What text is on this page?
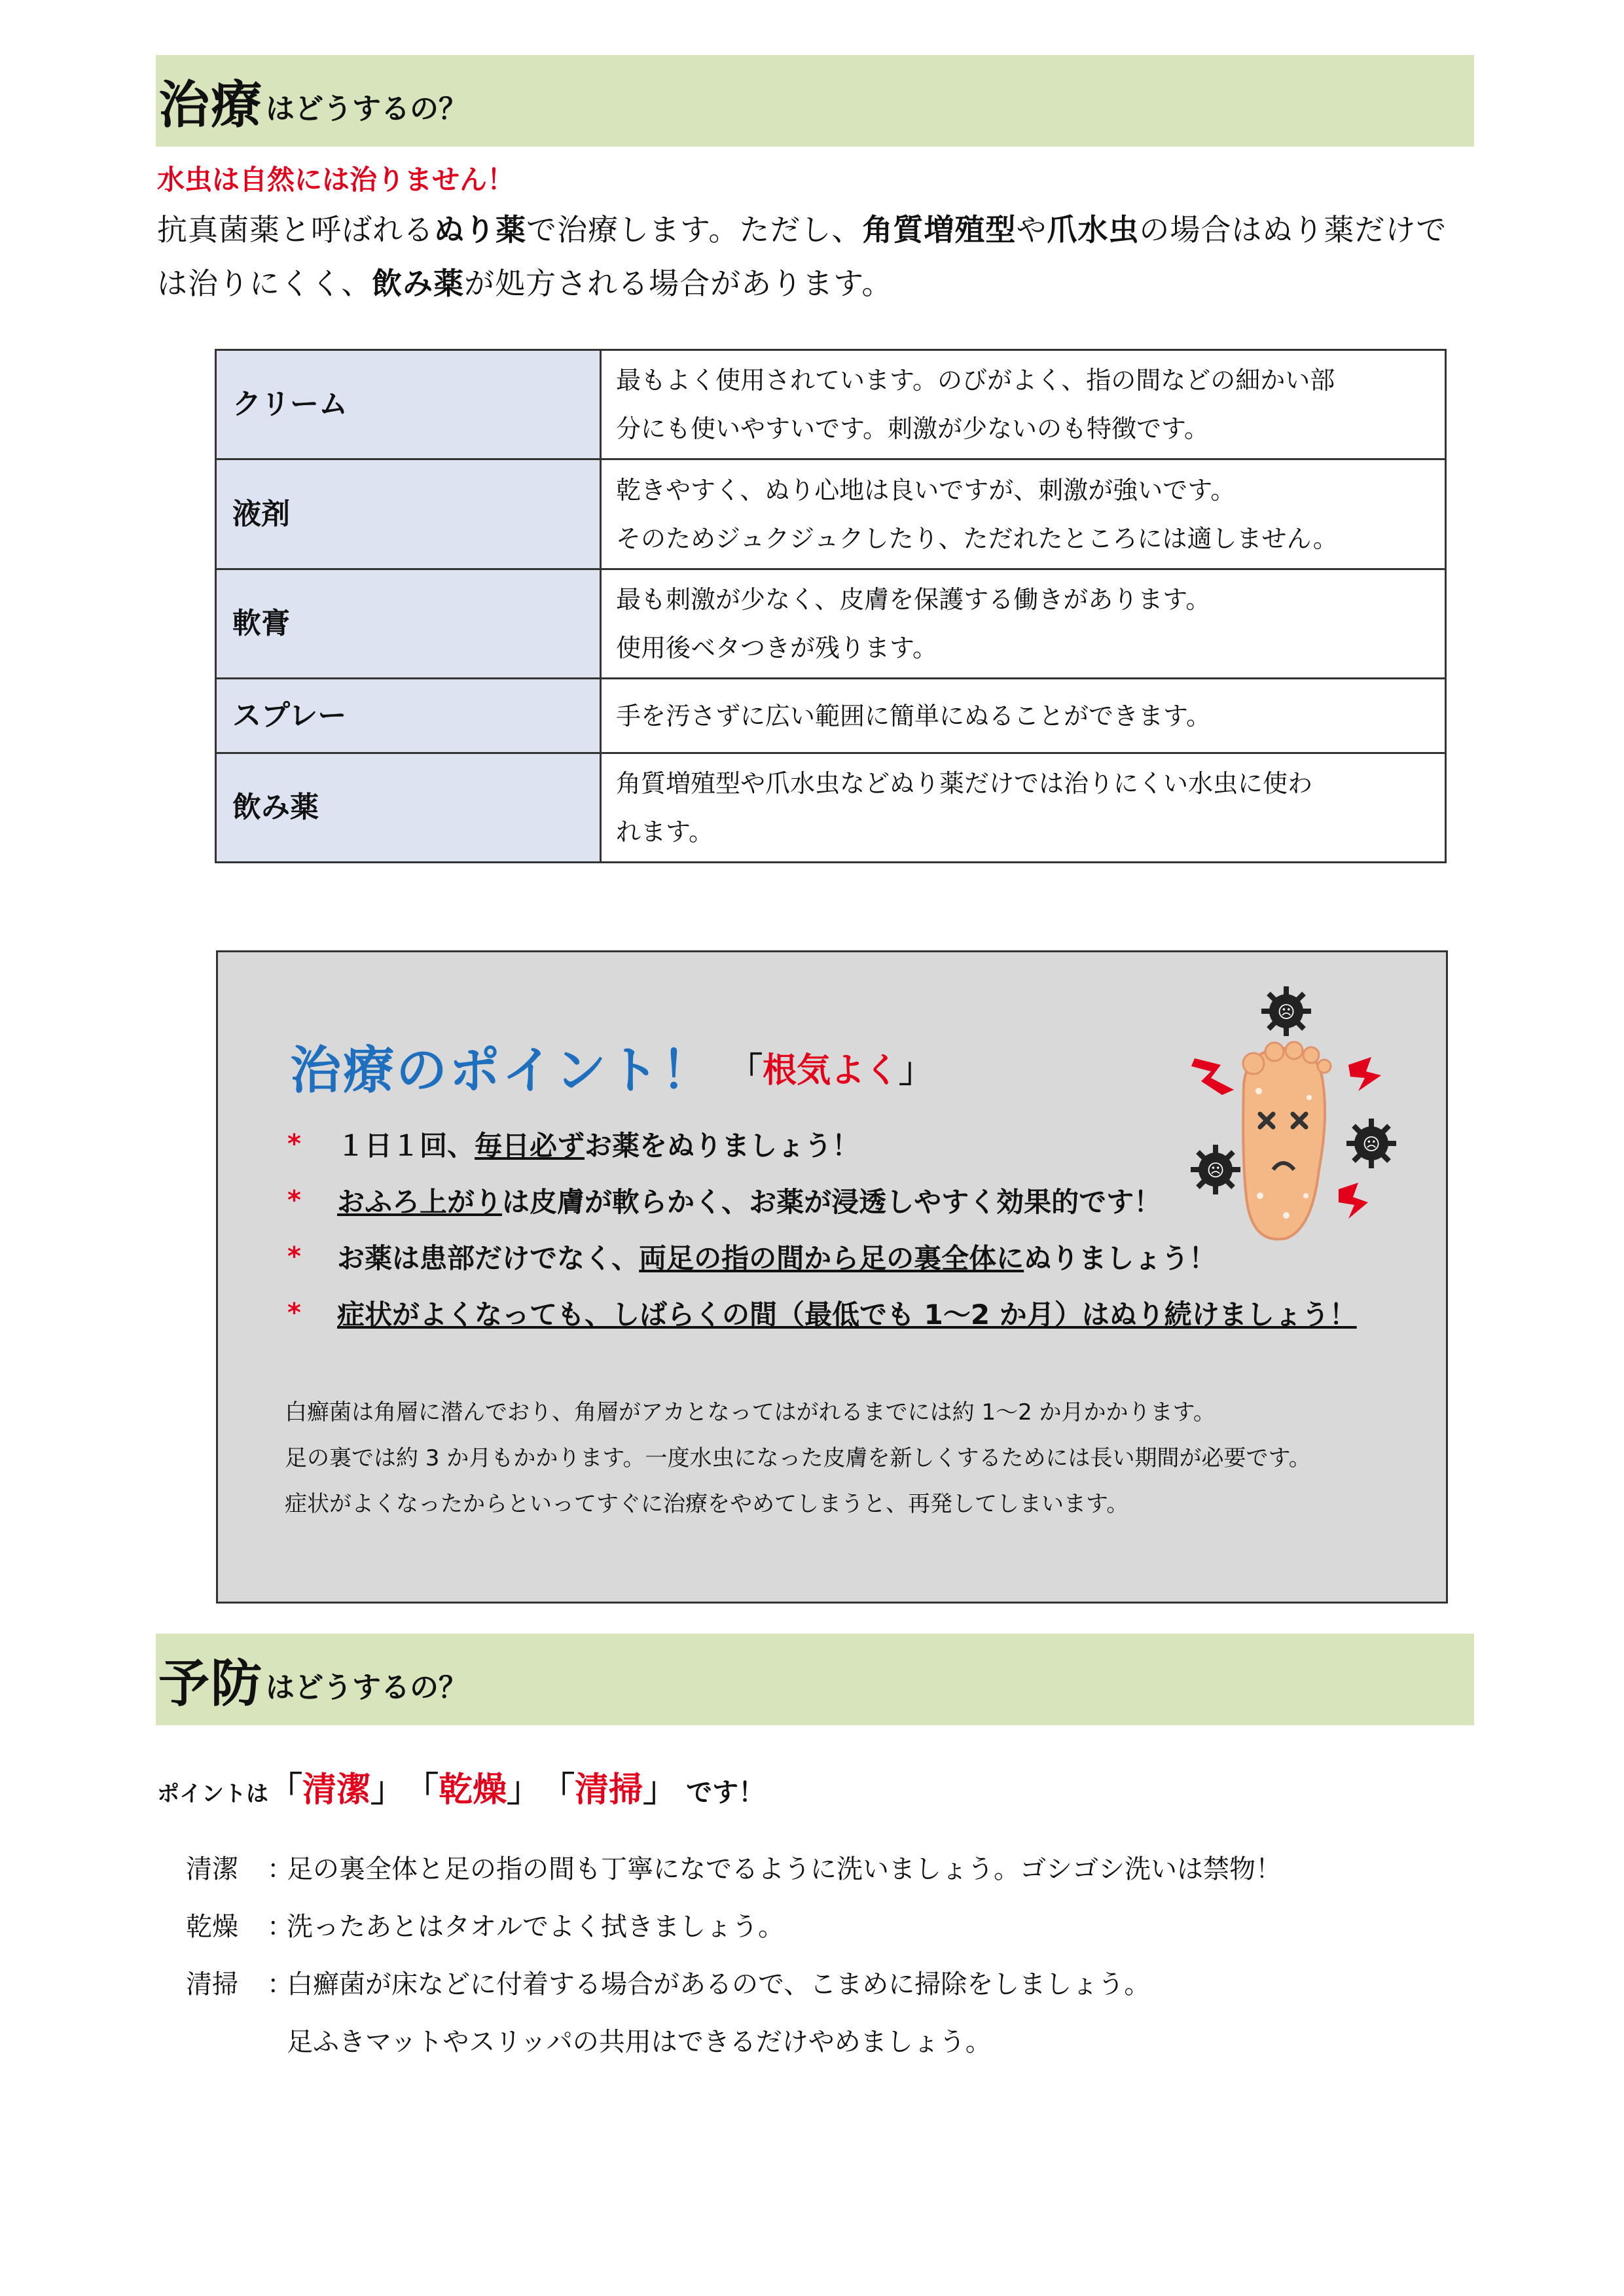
治療 はどうするの？
水虫は自然には治りません！
抗真菌薬と呼ばれるぬり薬で治療します。ただし、角質増殖型や爪水虫の場合はぬり薬だけでは治りにくく、飲み薬が処方される場合があります。
クリーム	最もよく使用されています。のびがよく、指の間などの細かい部
分にも使いやすいです。刺激が少ないのも特徴です。

液剤	乾きやすく、ぬり心地は良いですが、刺激が強いです。
そのためジュクジュクしたり、ただれたところには適しません。

軟膏	最も刺激が少なく、皮膚を保護する働きがあります。
使用後ベタつきが残ります。

スプレー	手を汚さずに広い範囲に簡単にぬることができます。

飲み薬	角質増殖型や爪水虫などぬり薬だけでは治りにくい水虫に使わ
れます。
治療のポイント！ 「根気よく」
☹
☹
☹
*	１日１回、毎日必ずお薬をぬりましょう！
*	おふろ上がりは皮膚が軟らかく、お薬が浸透しやすく効果的です！
*	お薬は患部だけでなく、両足の指の間から足の裏全体にぬりましょう！
*	症状がよくなっても、しばらくの間（最低でも 1～2 か月）はぬり続けましょう！
白癬菌は角層に潜んでおり、角層がアカとなってはがれるまでには約 1～2 か月かかります。
足の裏では約 3 か月もかかります。一度水虫になった皮膚を新しくするためには長い期間が必要です。
症状がよくなったからといってすぐに治療をやめてしまうと、再発してしまいます。
予防 はどうするの？
ポイントは 「清潔」 「乾燥」 「清掃」 です！
清潔	：
足の裏全体と足の指の間も丁寧になでるように洗いましょう。ゴシゴシ洗いは禁物！
乾燥	：
洗ったあとはタオルでよく拭きましょう。
清掃	：
白癬菌が床などに付着する場合があるので、こまめに掃除をしましょう。
足ふきマットやスリッパの共用はできるだけやめましょう。
